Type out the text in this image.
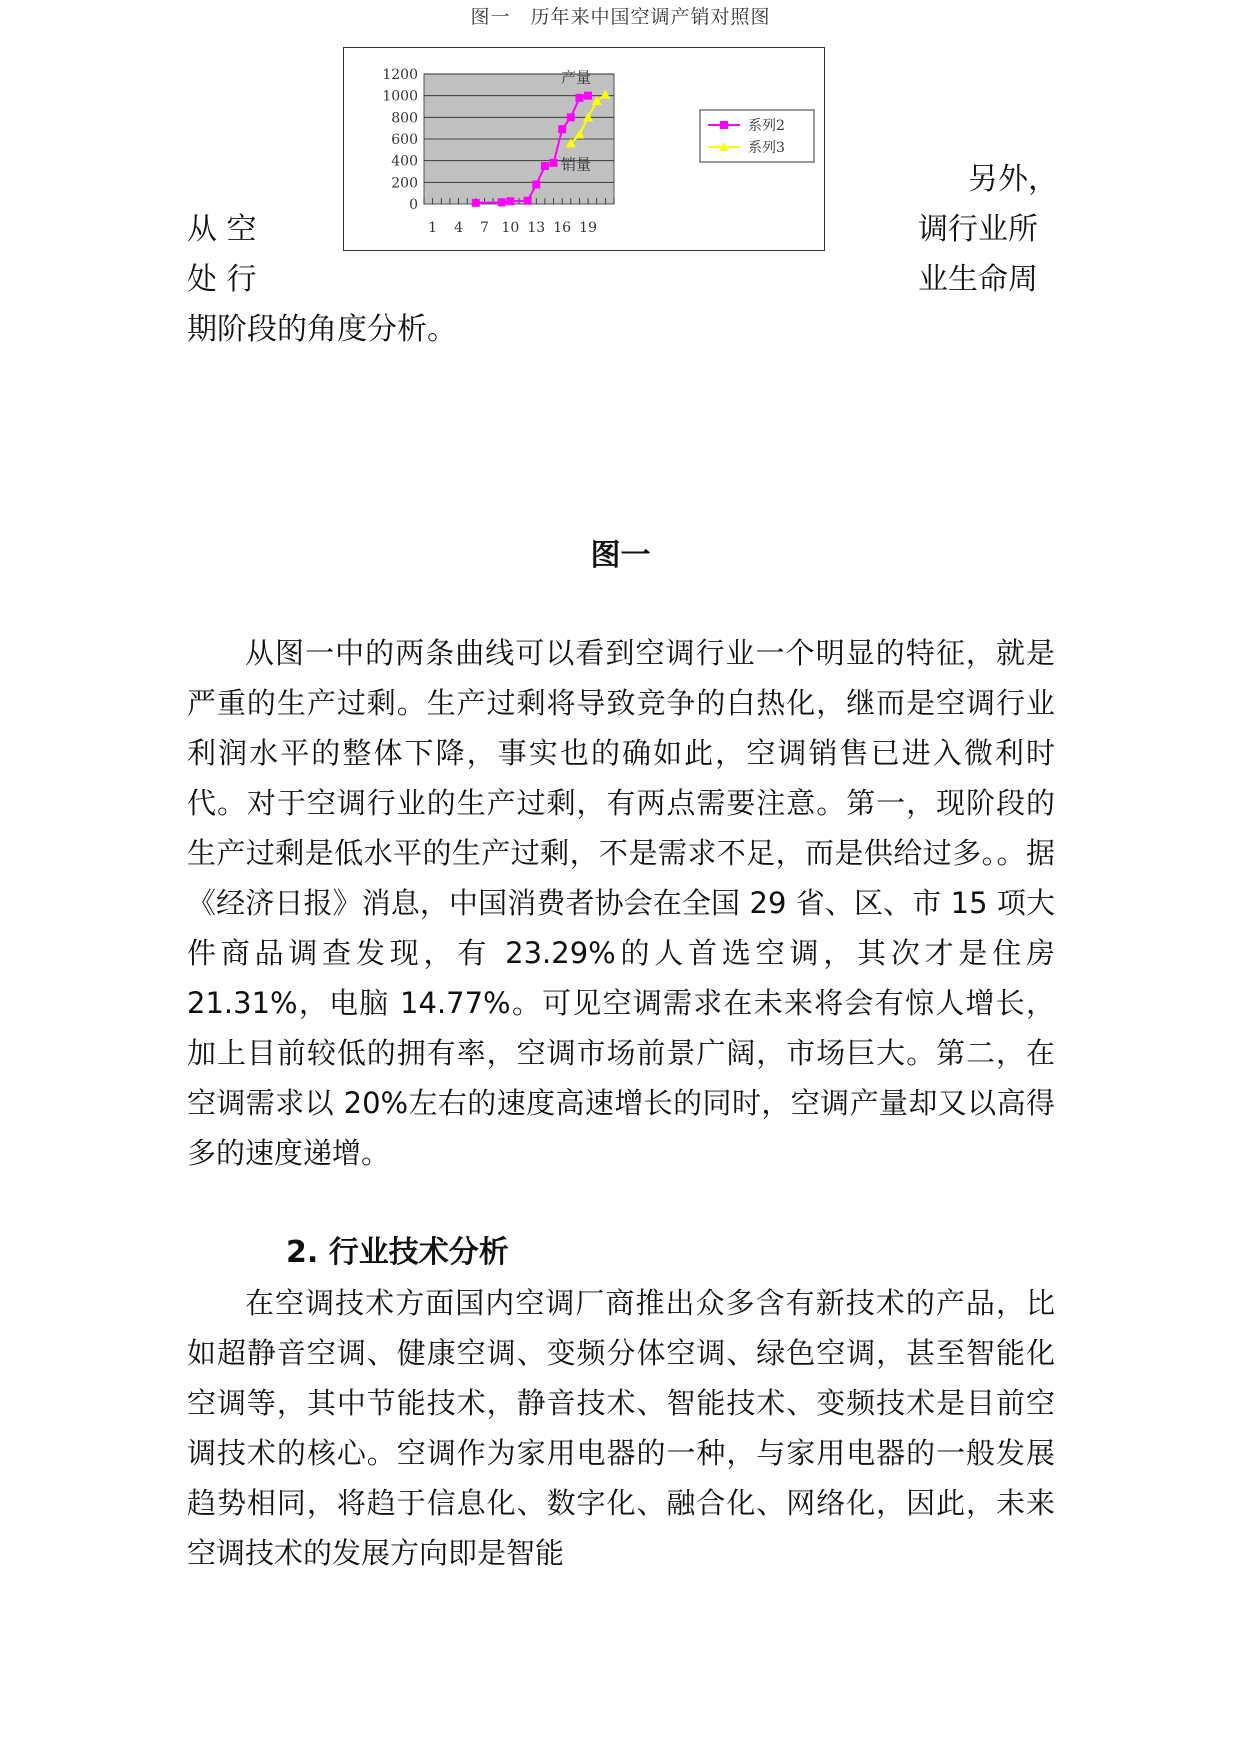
图一　历年来中国空调产销对照图
1200
1000
800
600
400
200
0
1 4 7 10 13 16 19
产量
销量
系列2
系列3
另外，
从 空	调行业所
处 行	业生命周
期阶段的角度分析。
图一
从图一中的两条曲线可以看到空调行业一个明显的特征，就是严重的生产过剩。生产过剩将导致竞争的白热化，继而是空调行业利润水平的整体下降，事实也的确如此，空调销售已进入微利时代。对于空调行业的生产过剩，有两点需要注意。第一，现阶段的生产过剩是低水平的生产过剩，不是需求不足，而是供给过多。。据《经济日报》消息，中国消费者协会在全国 29 省、区、市 15 项大件商品调查发现，有 23.29%的人首选空调，其次才是住房 21.31%，电脑 14.77%。可见空调需求在未来将会有惊人增长，加上目前较低的拥有率，空调市场前景广阔，市场巨大。第二，在空调需求以 20%左右的速度高速增长的同时，空调产量却又以高得多的速度递增。
2. 行业技术分析
在空调技术方面国内空调厂商推出众多含有新技术的产品，比如超静音空调、健康空调、变频分体空调、绿色空调，甚至智能化空调等，其中节能技术，静音技术、智能技术、变频技术是目前空调技术的核心。空调作为家用电器的一种，与家用电器的一般发展趋势相同，将趋于信息化、数字化、融合化、网络化，因此，未来空调技术的发展方向即是智能
